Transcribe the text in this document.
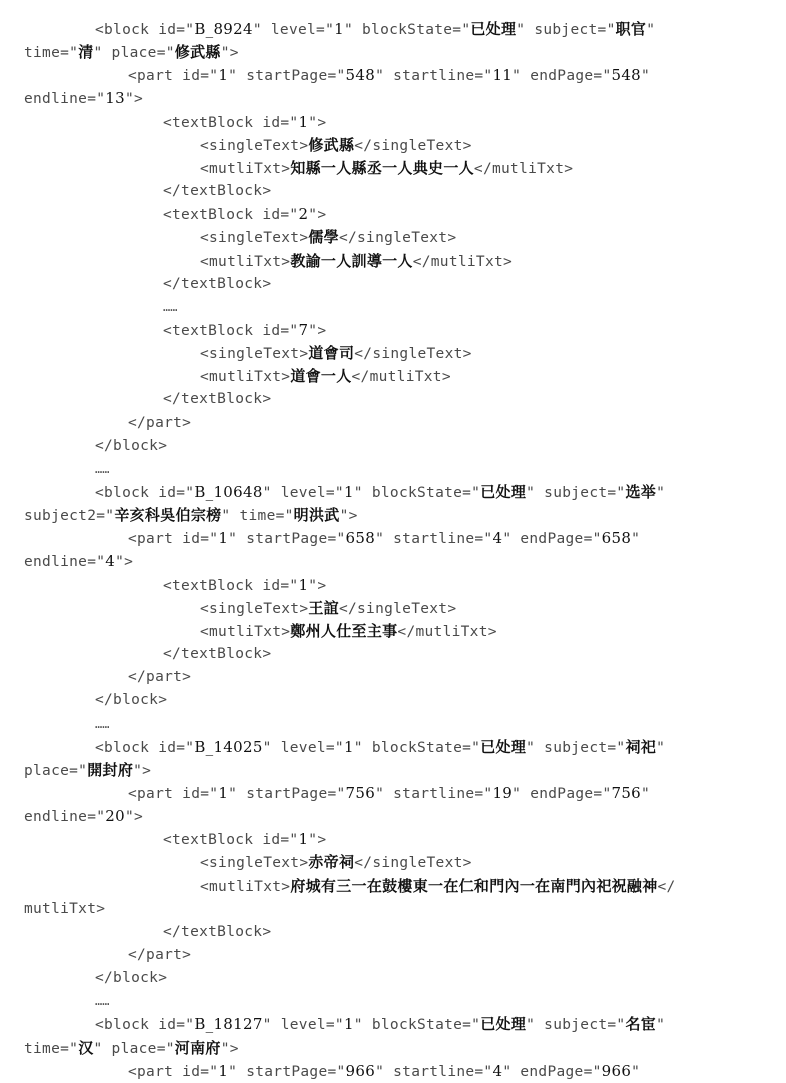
<block id="B_8924" level="1" blockState="已处理" subject="职官"
time="清" place="修武縣">
<part id="1" startPage="548" startline="11" endPage="548"
endline="13">
<textBlock id="1">
<singleText>修武縣</singleText>
<mutliTxt>知縣一人縣丞一人典史一人</mutliTxt>
</textBlock>
<textBlock id="2">
<singleText>儒學</singleText>
<mutliTxt>教諭一人訓導一人</mutliTxt>
</textBlock>
……
<textBlock id="7">
<singleText>道會司</singleText>
<mutliTxt>道會一人</mutliTxt>
</textBlock>
</part>
</block>
……
<block id="B_10648" level="1" blockState="已处理" subject="选举"
subject2="辛亥科吳伯宗榜" time="明洪武">
<part id="1" startPage="658" startline="4" endPage="658"
endline="4">
<textBlock id="1">
<singleText>王誼</singleText>
<mutliTxt>鄭州人仕至主事</mutliTxt>
</textBlock>
</part>
</block>
……
<block id="B_14025" level="1" blockState="已处理" subject="祠祀"
place="開封府">
<part id="1" startPage="756" startline="19" endPage="756"
endline="20">
<textBlock id="1">
<singleText>赤帝祠</singleText>
<mutliTxt>府城有三一在鼓樓東一在仁和門內一在南門內祀祝融神</
mutliTxt>
</textBlock>
</part>
</block>
……
<block id="B_18127" level="1" blockState="已处理" subject="名宦"
time="汉" place="河南府">
<part id="1" startPage="966" startline="4" endPage="966"
